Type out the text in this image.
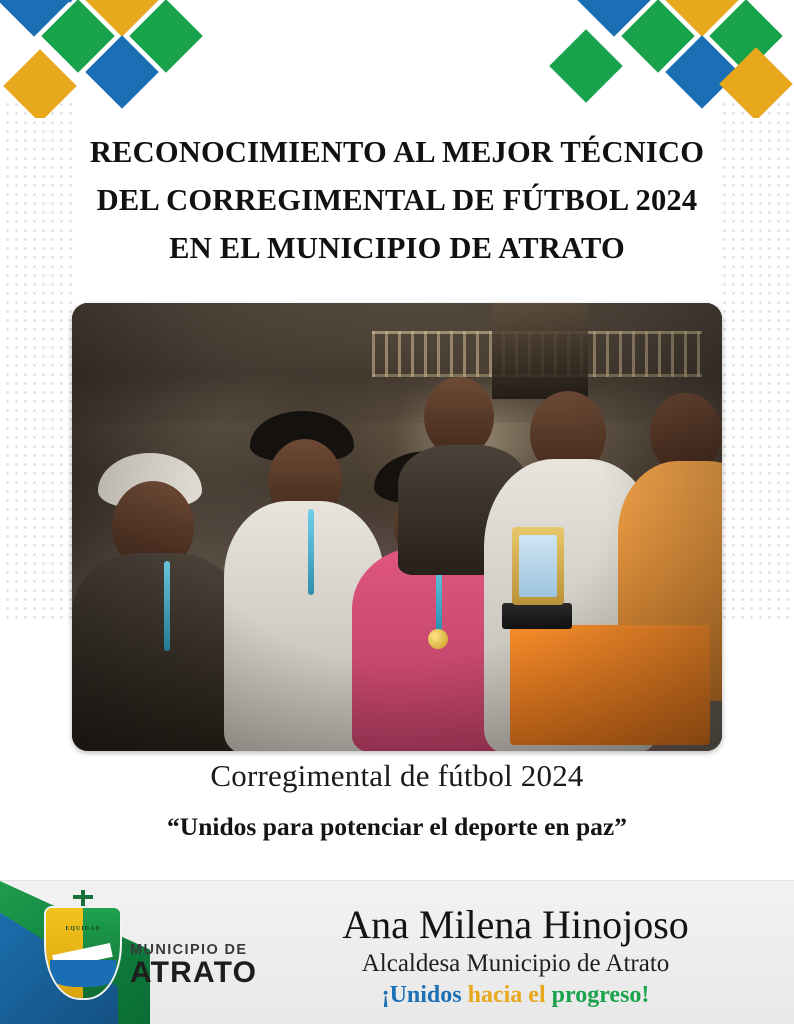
RECONOCIMIENTO AL MEJOR TÉCNICO
DEL CORREGIMENTAL DE FÚTBOL 2024
EN EL MUNICIPIO DE ATRATO
Corregimental de fútbol 2024
“Unidos para potenciar el deporte en paz”
EQUIDAD
MUNICIPIO DE
ATRATO
Ana Milena Hinojoso
Alcaldesa Municipio de Atrato
¡Unidos hacia el progreso!
